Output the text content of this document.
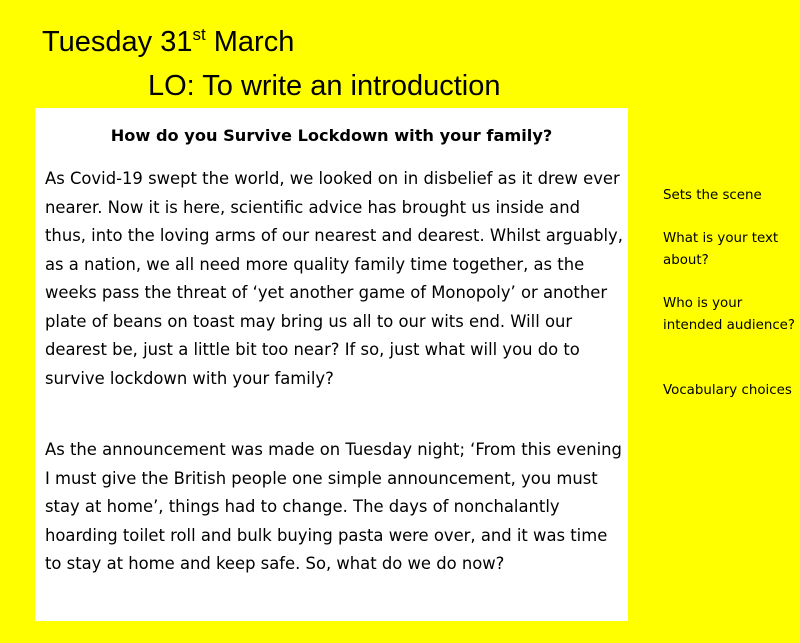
Tuesday 31st March
LO: To write an introduction
How do you Survive Lockdown with your family?

As Covid-19 swept the world, we looked on in disbelief as it drew ever nearer. Now it is here, scientific advice has brought us inside and thus, into the loving arms of our nearest and dearest. Whilst arguably, as a nation, we all need more quality family time together, as the weeks pass the threat of ‘yet another game of Monopoly’ or another plate of beans on toast may bring us all to our wits end. Will our dearest be, just a little bit too near? If so, just what will you do to survive lockdown with your family?

As the announcement was made on Tuesday night; ‘From this evening I must give the British people one simple announcement, you must stay at home’, things had to change. The days of nonchalantly hoarding toilet roll and bulk buying pasta were over, and it was time to stay at home and keep safe. So, what do we do now?

Sets the scene
What is your text about?
Who is your intended audience?
Vocabulary choices
